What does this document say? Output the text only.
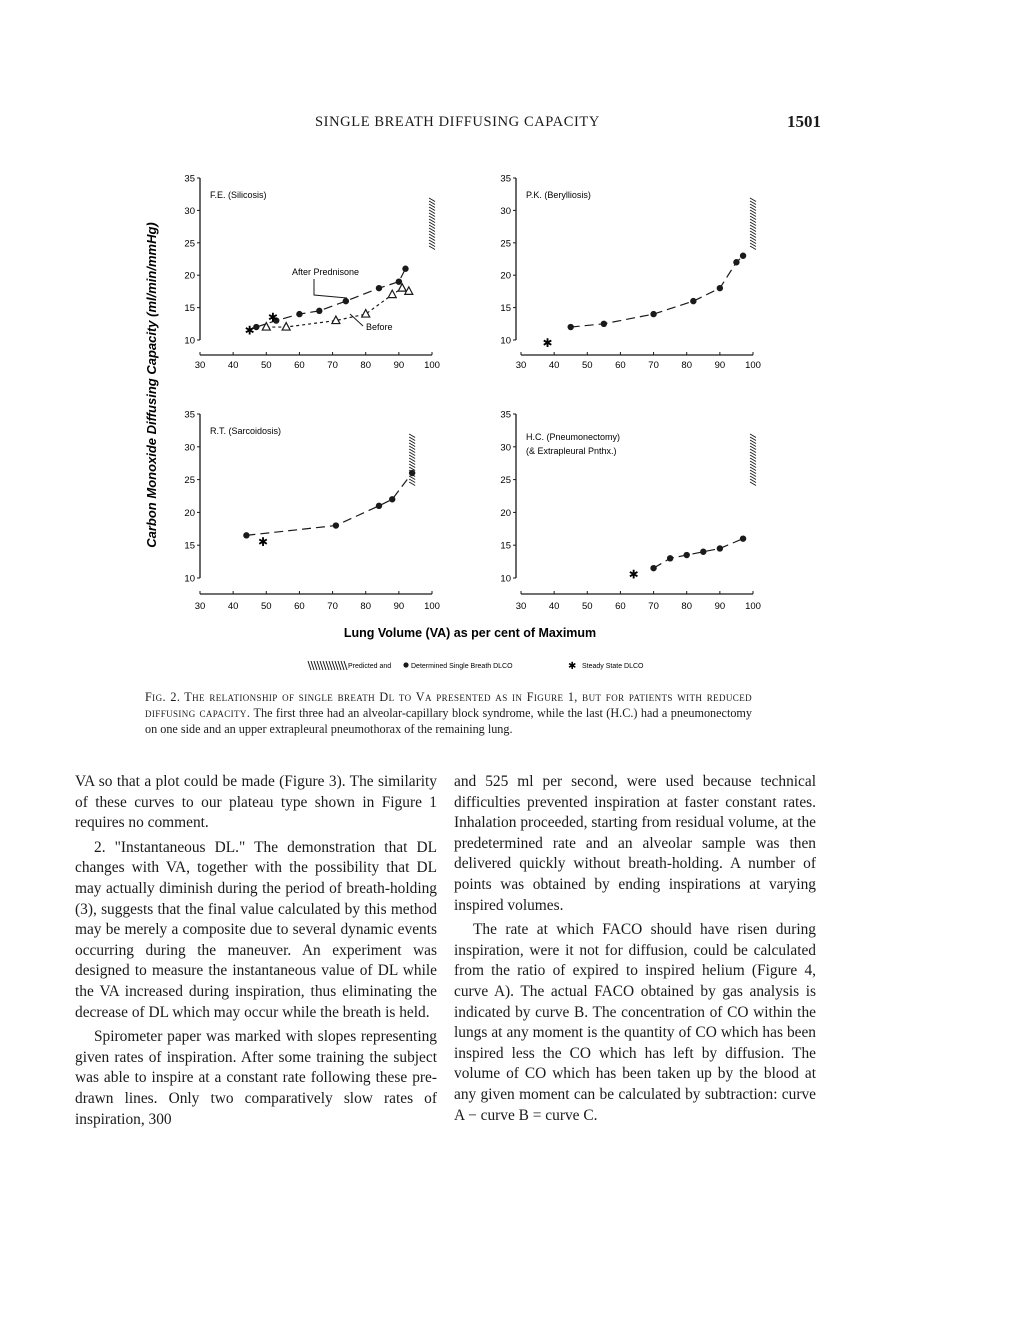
SINGLE BREATH DIFFUSING CAPACITY	1501
Carbon Monoxide Diffusing Capacity (ml/min/mmHg)
Lung Volume (VA) as per cent of Maximum
10
15
20
25
30
35
30 40 50 60 70 80 90 100
F.E. (Silicosis)
✱
✱
After Prednisone
Before
10
15
20
25
30
35
30 40 50 60 70 80 90 100
P.K. (Berylliosis)
✱
10
15
20
25
30
35
30 40 50 60 70 80 90 100
R.T. (Sarcoidosis)
✱
10
15
20
25
30
35
30 40 50 60 70 80 90 100
H.C. (Pneumonectomy)
(& Extrapleural Pnthx.)
✱
Predicted and	Determined Single Breath DLCO	✱ Steady State DLCO
Fig. 2. The relationship of single breath Dl to Va presented as in Figure 1, but for patients with reduced diffusing capacity. The first three had an alveolar-capillary block syndrome, while the last (H.C.) had a pneumonectomy on one side and an upper extrapleural pneumothorax of the remaining lung.

VA so that a plot could be made (Figure 3). The similarity of these curves to our plateau type shown in Figure 1 requires no comment.

2. "Instantaneous DL." The demonstration that DL changes with VA, together with the possibility that DL may actually diminish during the period of breath-holding (3), suggests that the final value calculated by this method may be merely a composite due to several dynamic events occurring during the maneuver. An experiment was designed to measure the instantaneous value of DL while the VA increased during inspiration, thus eliminating the decrease of DL which may occur while the breath is held.

Spirometer paper was marked with slopes representing given rates of inspiration. After some training the subject was able to inspire at a constant rate following these pre-drawn lines. Only two comparatively slow rates of inspiration, 300

and 525 ml per second, were used because technical difficulties prevented inspiration at faster constant rates. Inhalation proceeded, starting from residual volume, at the predetermined rate and an alveolar sample was then delivered quickly without breath-holding. A number of points was obtained by ending inspirations at varying inspired volumes.

The rate at which FACO should have risen during inspiration, were it not for diffusion, could be calculated from the ratio of expired to inspired helium (Figure 4, curve A). The actual FACO obtained by gas analysis is indicated by curve B. The concentration of CO within the lungs at any moment is the quantity of CO which has been inspired less the CO which has left by diffusion. The volume of CO which has been taken up by the blood at any given moment can be calculated by subtraction: curve A − curve B = curve C.
